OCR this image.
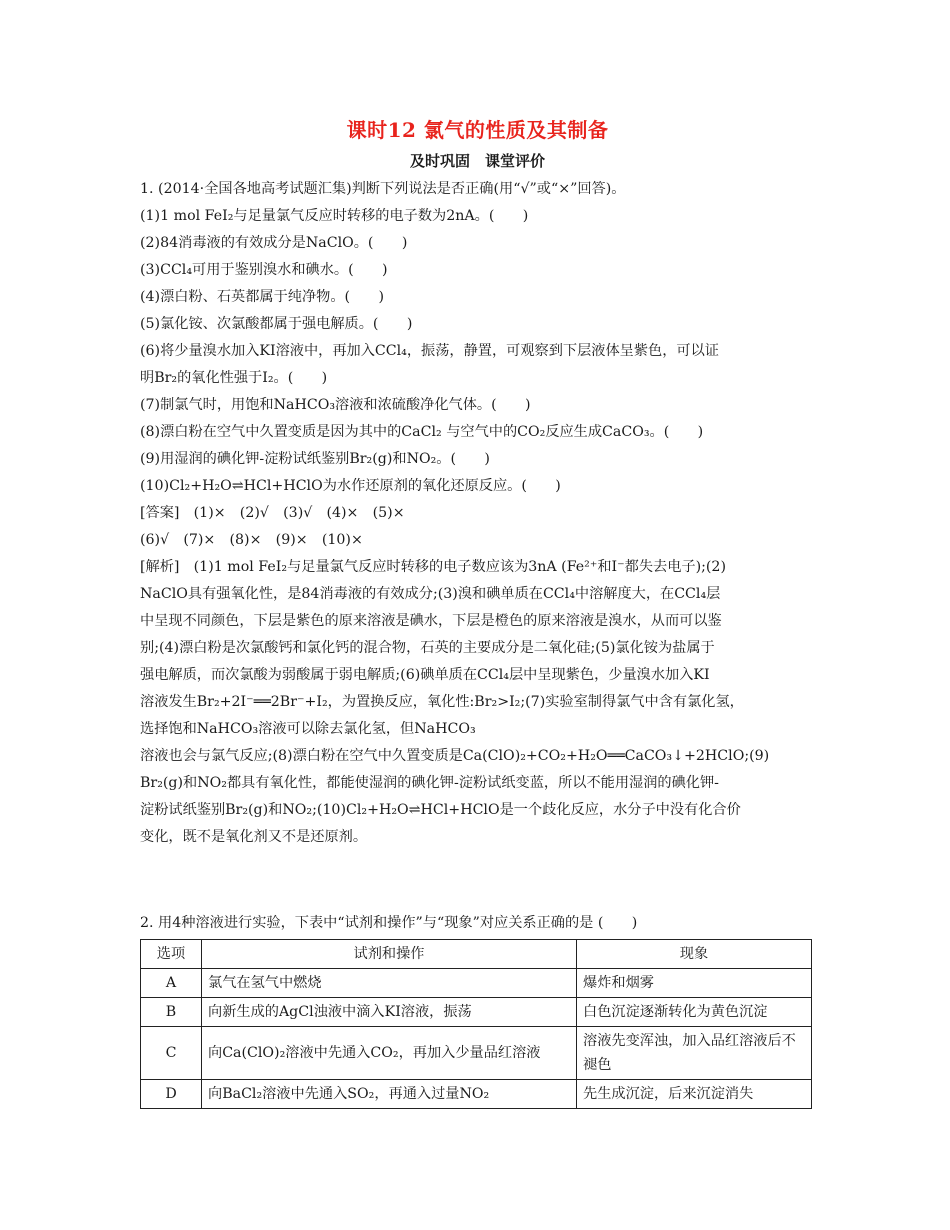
课时12 氯气的性质及其制备
及时巩固　课堂评价
1. (2014·全国各地高考试题汇集)判断下列说法是否正确(用“√”或“×”回答)。
(1)1 mol FeI₂与足量氯气反应时转移的电子数为2nA。(　　)
(2)84消毒液的有效成分是NaClO。(　　)
(3)CCl₄可用于鉴别溴水和碘水。(　　)
(4)漂白粉、石英都属于纯净物。(　　)
(5)氯化铵、次氯酸都属于强电解质。(　　)
(6)将少量溴水加入KI溶液中，再加入CCl₄，振荡，静置，可观察到下层液体呈紫色，可以证
明Br₂的氧化性强于I₂。(　　)
(7)制氯气时，用饱和NaHCO₃溶液和浓硫酸净化气体。(　　)
(8)漂白粉在空气中久置变质是因为其中的CaCl₂ 与空气中的CO₂反应生成CaCO₃。(　　)
(9)用湿润的碘化钾-淀粉试纸鉴别Br₂(g)和NO₂。(　　)
(10)Cl₂+H₂O⇌HCl+HClO为水作还原剂的氧化还原反应。(　　)
[答案]　(1)×　(2)√　(3)√　(4)×　(5)×
(6)√　(7)×　(8)×　(9)×　(10)×
[解析]　(1)1 mol FeI₂与足量氯气反应时转移的电子数应该为3nA (Fe²⁺和I⁻都失去电子);(2)
NaClO具有强氧化性，是84消毒液的有效成分;(3)溴和碘单质在CCl₄中溶解度大，在CCl₄层
中呈现不同颜色，下层是紫色的原来溶液是碘水，下层是橙色的原来溶液是溴水，从而可以鉴
别;(4)漂白粉是次氯酸钙和氯化钙的混合物，石英的主要成分是二氧化硅;(5)氯化铵为盐属于
强电解质，而次氯酸为弱酸属于弱电解质;(6)碘单质在CCl₄层中呈现紫色，少量溴水加入KI
溶液发生Br₂+2I⁻══2Br⁻+I₂，为置换反应，氧化性:Br₂>I₂;(7)实验室制得氯气中含有氯化氢，
选择饱和NaHCO₃溶液可以除去氯化氢，但NaHCO₃
溶液也会与氯气反应;(8)漂白粉在空气中久置变质是Ca(ClO)₂+CO₂+H₂O══CaCO₃↓+2HClO;(9)
Br₂(g)和NO₂都具有氧化性，都能使湿润的碘化钾-淀粉试纸变蓝，所以不能用湿润的碘化钾-
淀粉试纸鉴别Br₂(g)和NO₂;(10)Cl₂+H₂O⇌HCl+HClO是一个歧化反应，水分子中没有化合价
变化，既不是氧化剂又不是还原剂。
2. 用4种溶液进行实验，下表中“试剂和操作”与“现象”对应关系正确的是 (　　)
选项	试剂和操作	现象
A	氯气在氢气中燃烧	爆炸和烟雾
B	向新生成的AgCl浊液中滴入KI溶液，振荡	白色沉淀逐渐转化为黄色沉淀
C	向Ca(ClO)₂溶液中先通入CO₂，再加入少量品红溶液	溶液先变浑浊，加入品红溶液后不褪色
D	向BaCl₂溶液中先通入SO₂，再通入过量NO₂	先生成沉淀，后来沉淀消失
